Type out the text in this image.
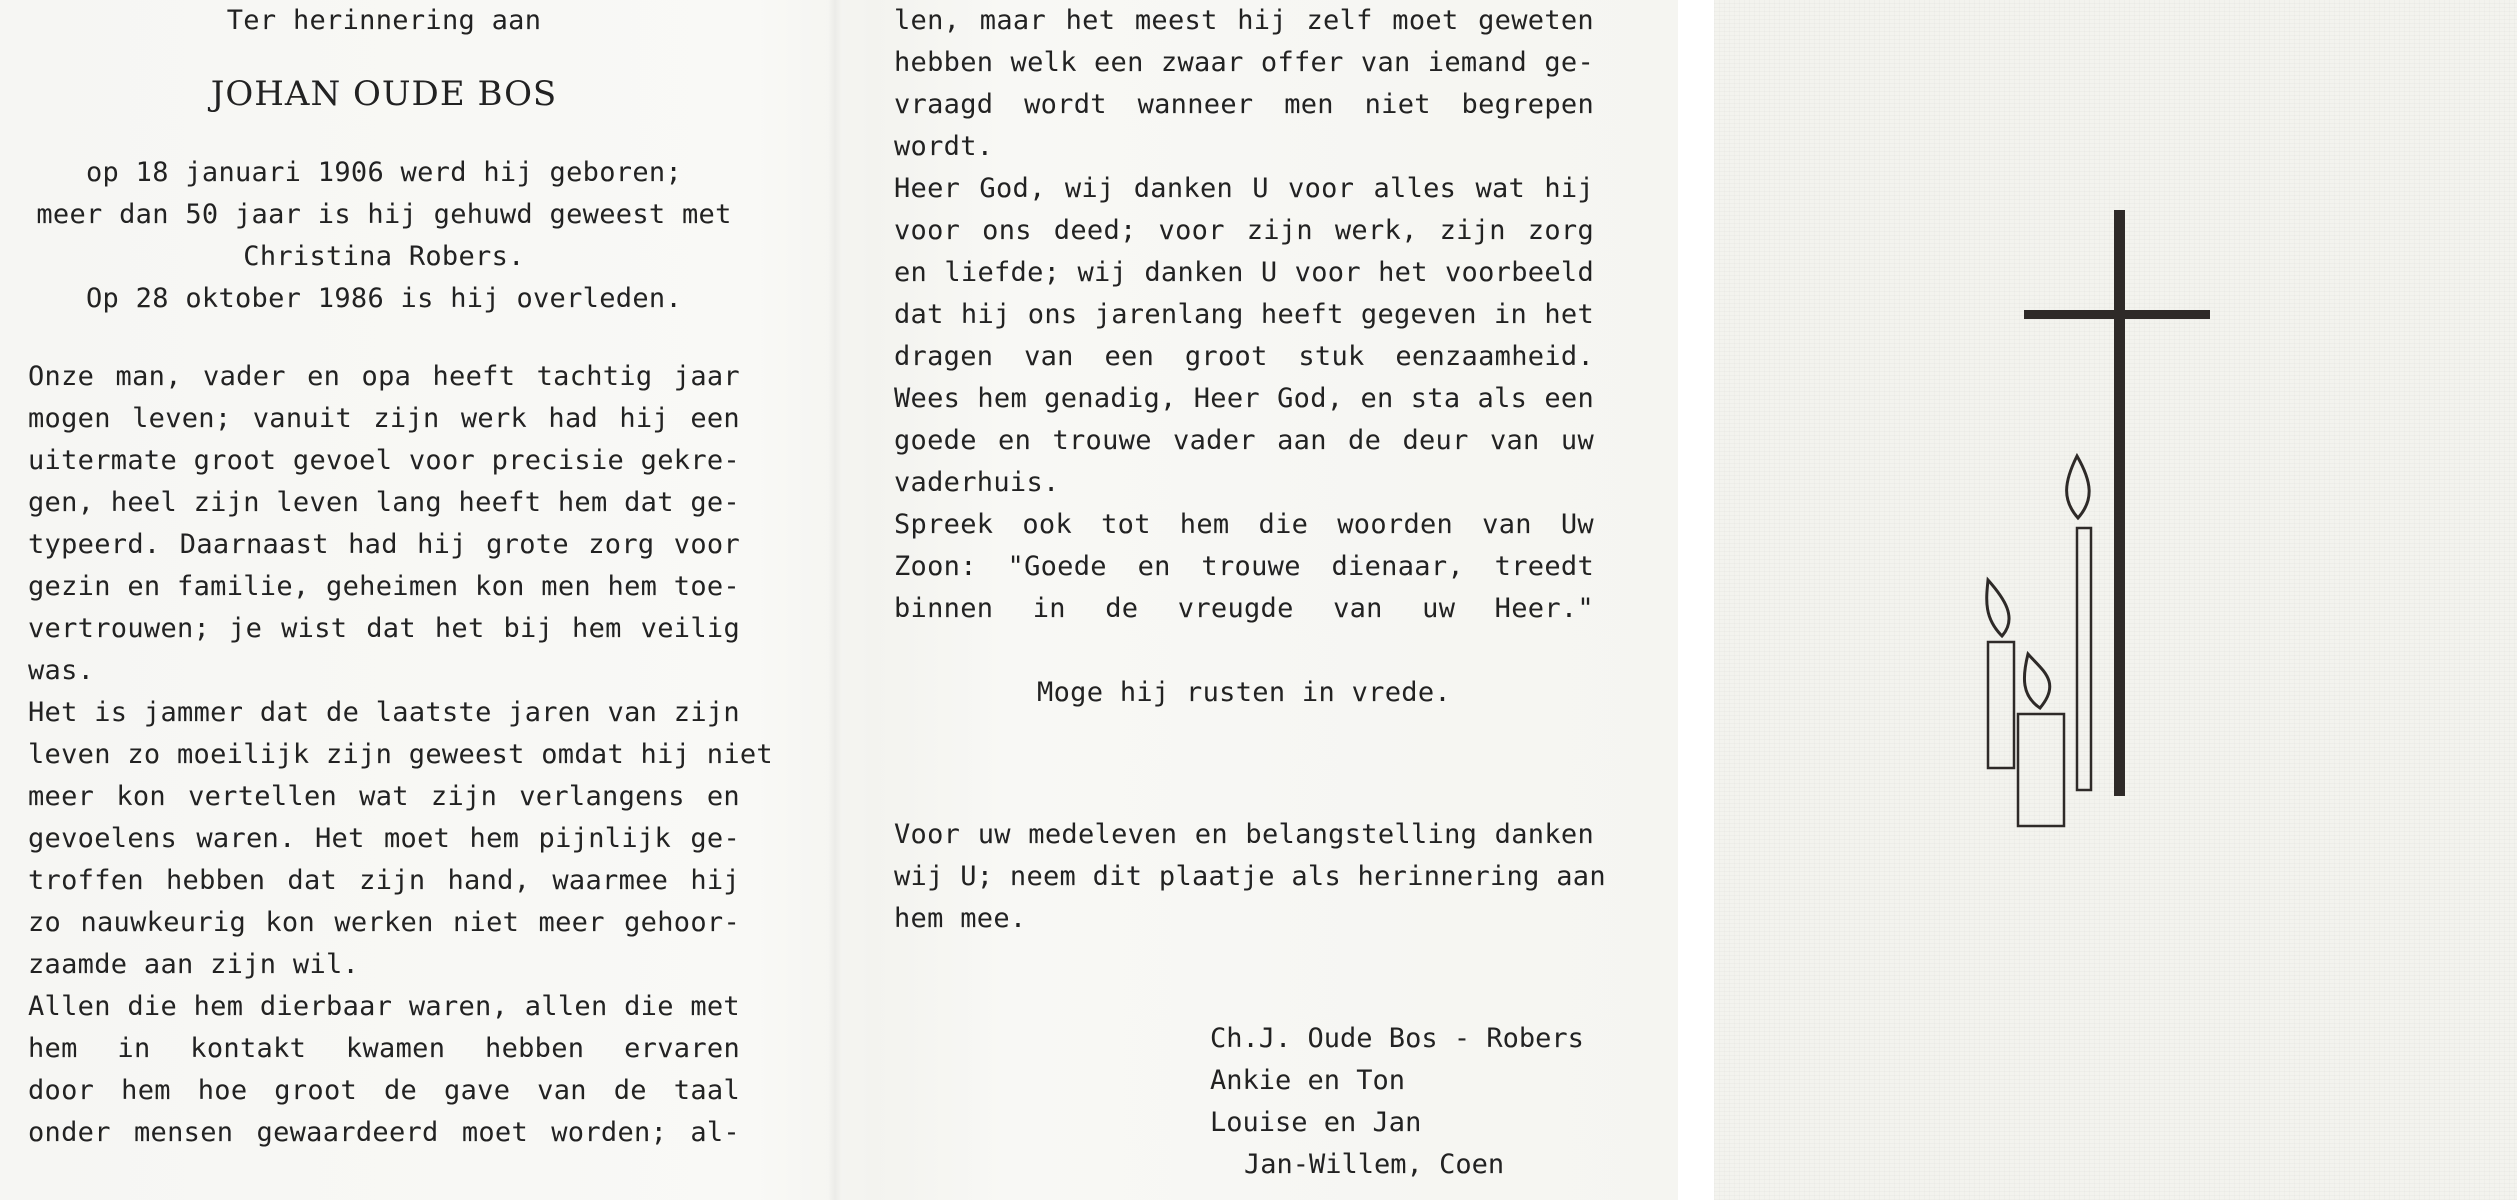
Ter herinnering aan
JOHAN OUDE BOS
op 18 januari 1906 werd hij geboren;
meer dan 50 jaar is hij gehuwd geweest met
Christina Robers.
Op 28 oktober 1986 is hij overleden.
Onze man, vader en opa heeft tachtig jaar
mogen leven; vanuit zijn werk had hij een
uitermate groot gevoel voor precisie gekre-
gen, heel zijn leven lang heeft hem dat ge-
typeerd. Daarnaast had hij grote zorg voor
gezin en familie, geheimen kon men hem toe-
vertrouwen; je wist dat het bij hem veilig
was.
Het is jammer dat de laatste jaren van zijn
leven zo moeilijk zijn geweest omdat hij niet
meer kon vertellen wat zijn verlangens en
gevoelens waren. Het moet hem pijnlijk ge-
troffen hebben dat zijn hand, waarmee hij
zo nauwkeurig kon werken niet meer gehoor-
zaamde aan zijn wil.
Allen die hem dierbaar waren, allen die met
hem in kontakt kwamen hebben ervaren
door hem hoe groot de gave van de taal
onder mensen gewaardeerd moet worden; al-
len, maar het meest hij zelf moet geweten
hebben welk een zwaar offer van iemand ge-
vraagd wordt wanneer men niet begrepen
wordt.
Heer God, wij danken U voor alles wat hij
voor ons deed; voor zijn werk, zijn zorg
en liefde; wij danken U voor het voorbeeld
dat hij ons jarenlang heeft gegeven in het
dragen van een groot stuk eenzaamheid.
Wees hem genadig, Heer God, en sta als een
goede en trouwe vader aan de deur van uw
vaderhuis.
Spreek ook tot hem die woorden van Uw
Zoon: "Goede en trouwe dienaar, treedt
binnen in de vreugde van uw Heer."
Moge hij rusten in vrede.
Voor uw medeleven en belangstelling danken
wij U; neem dit plaatje als herinnering aan
hem mee.
Ch.J. Oude Bos - Robers
Ankie en Ton
Louise en Jan
Jan-Willem, Coen
